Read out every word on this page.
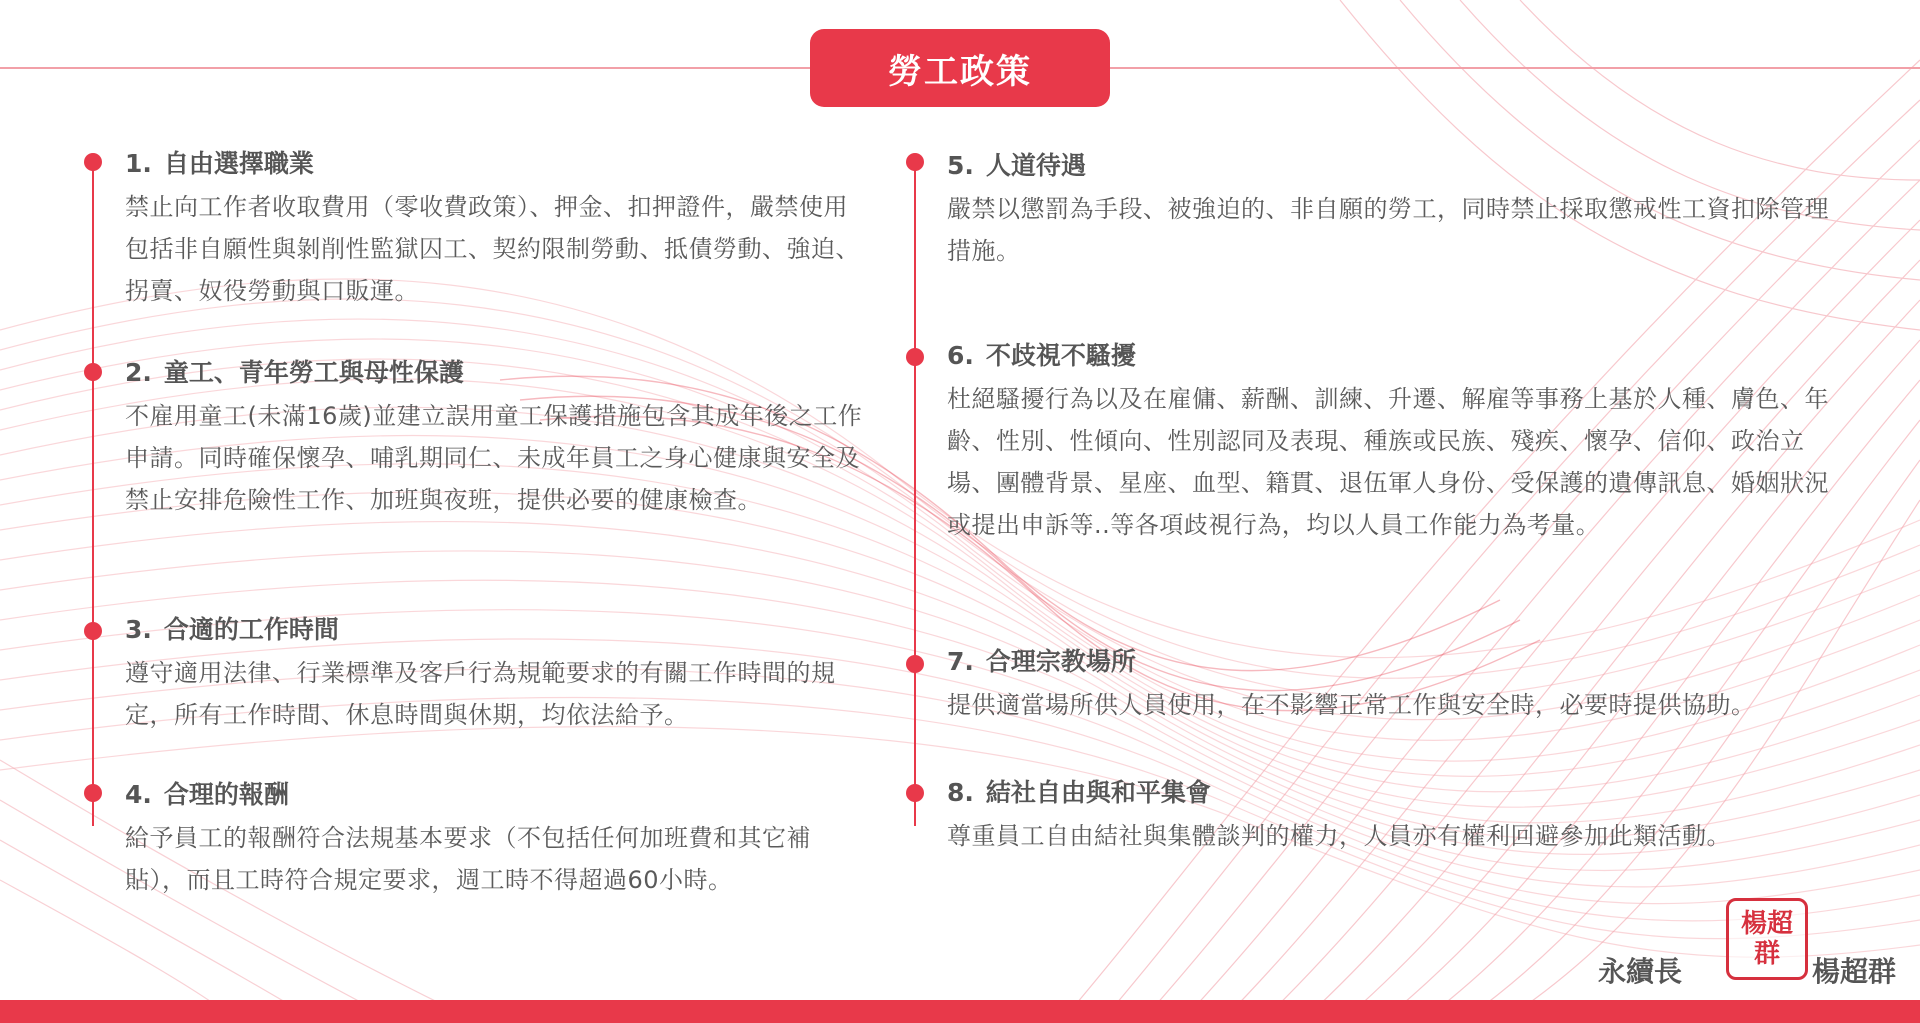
勞工政策
1. 自由選擇職業
禁止向工作者收取費用（零收費政策）、押金、扣押證件，嚴禁使用包括非自願性與剝削性監獄囚工、契約限制勞動、抵債勞動、強迫、拐賣、奴役勞動與口販運。
2. 童工、青年勞工與母性保護
不雇用童工(未滿16歲)並建立誤用童工保護措施包含其成年後之工作申請。同時確保懷孕、哺乳期同仁、未成年員工之身心健康與安全及禁止安排危險性工作、加班與夜班，提供必要的健康檢查。
3. 合適的工作時間
遵守適用法律、行業標準及客戶行為規範要求的有關工作時間的規定，所有工作時間、休息時間與休期，均依法給予。
4. 合理的報酬
給予員工的報酬符合法規基本要求（不包括任何加班費和其它補貼），而且工時符合規定要求，週工時不得超過60小時。
5. 人道待遇
嚴禁以懲罰為手段、被強迫的、非自願的勞工，同時禁止採取懲戒性工資扣除管理措施。
6. 不歧視不騷擾
杜絕騷擾行為以及在雇傭、薪酬、訓練、升遷、解雇等事務上基於人種、膚色、年齡、性別、性傾向、性別認同及表現、種族或民族、殘疾、懷孕、信仰、政治立場、團體背景、星座、血型、籍貫、退伍軍人身份、受保護的遺傳訊息、婚姻狀況或提出申訴等..等各項歧視行為，均以人員工作能力為考量。
7. 合理宗教場所
提供適當場所供人員使用，在不影響正常工作與安全時，必要時提供協助。
8. 結社自由與和平集會
尊重員工自由結社與集體談判的權力，人員亦有權利回避參加此類活動。
永續長
楊超群
楊超群
